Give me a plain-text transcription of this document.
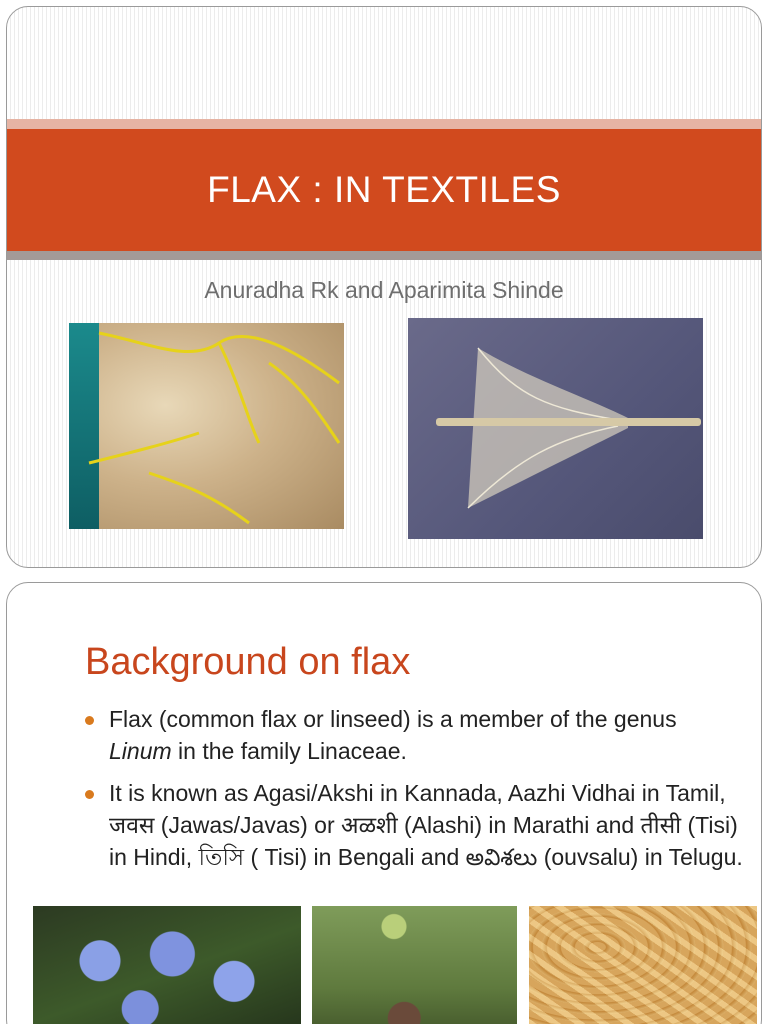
FLAX : IN TEXTILES
Anuradha Rk and Aparimita Shinde
Background on flax
Flax (common flax or linseed) is a member of the genus Linum in the family Linaceae.
It is known as Agasi/Akshi in Kannada, Aazhi Vidhai in Tamil, जवस (Jawas/Javas) or अळशी (Alashi) in Marathi and तीसी (Tisi) in Hindi, তিসি ( Tisi) in Bengali and అవిశలు (ouvsalu) in Telugu.
